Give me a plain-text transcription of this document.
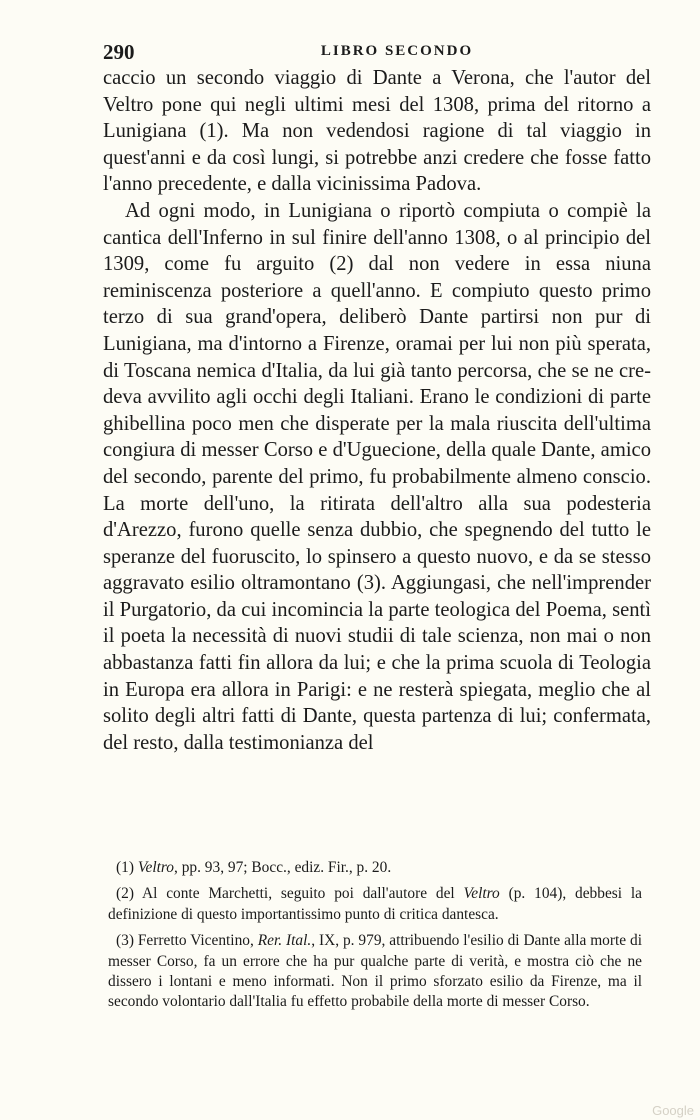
290	LIBRO SECONDO

caccio un secondo viaggio di Dante a Verona, che l'autor del Veltro pone qui negli ultimi mesi del 1308, prima del ritorno a Lunigiana (1). Ma non vedendosi ragione di tal viaggio in quest'anni e da così lungi, si potrebbe anzi credere che fosse fatto l'anno precedente, e dalla vicinissima Padova.

Ad ogni modo, in Lunigiana o riportò compiuta o compiè la cantica dell'Inferno in sul finire dell'anno 1308, o al principio del 1309, come fu arguito (2) dal non vedere in essa niuna reminiscenza posteriore a quell'anno. E compiuto questo primo terzo di sua grand'opera, deliberò Dante partirsi non pur di Lunigiana, ma d'intorno a Firenze, oramai per lui non più sperata, di Toscana nemica d'Italia, da lui già tanto percorsa, che se ne credeva avvilito agli occhi degli Italiani. Erano le condizioni di parte ghibellina poco men che disperate per la mala riuscita dell'ultima congiura di messer Corso e d'Uguecione, della quale Dante, amico del secondo, parente del primo, fu probabilmente almeno conscio. La morte dell'uno, la ritirata dell'altro alla sua podesteria d'Arezzo, furono quelle senza dubbio, che spegnendo del tutto le speranze del fuoruscito, lo spinsero a questo nuovo, e da se stesso aggravato esilio oltramontano (3). Aggiungasi, che nell'imprender il Purgatorio, da cui incomincia la parte teologica del Poema, sentì il poeta la necessità di nuovi studii di tale scienza, non mai o non abbastanza fatti fin allora da lui; e che la prima scuola di Teologia in Europa era allora in Parigi: e ne resterà spiegata, meglio che al solito degli altri fatti di Dante, questa partenza di lui; confermata, del resto, dalla testimonianza del

(1) Veltro, pp. 93, 97; Bocc., ediz. Fir., p. 20.

(2) Al conte Marchetti, seguito poi dall'autore del Veltro (p. 104), debbesi la definizione di questo importantissimo punto di critica dantesca.

(3) Ferretto Vicentino, Rer. Ital., IX, p. 979, attribuendo l'esilio di Dante alla morte di messer Corso, fa un errore che ha pur qualche parte di verità, e mostra ciò che ne dissero i lontani e meno informati. Non il primo sforzato esilio da Firenze, ma il secondo volontario dall'Italia fu effetto probabile della morte di messer Corso.

Google
